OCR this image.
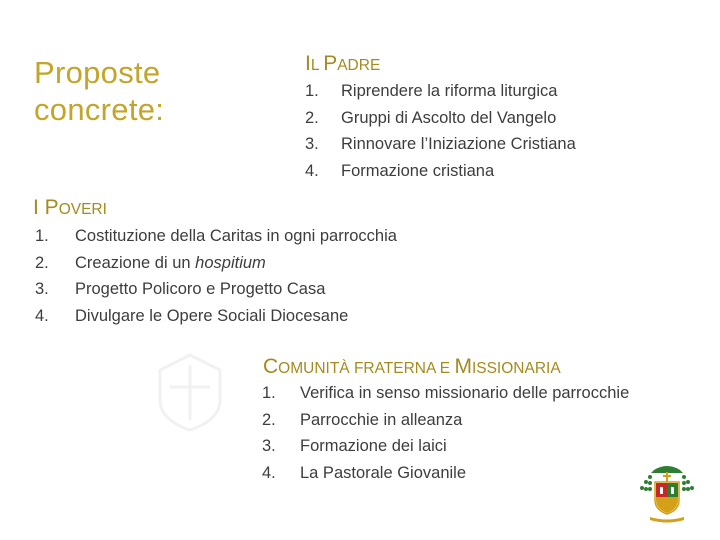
Proposte
concrete:
IL PADRE
1. Riprendere la riforma liturgica
2. Gruppi di Ascolto del Vangelo
3. Rinnovare l’Iniziazione Cristiana
4. Formazione cristiana
I POVERI
1. Costituzione della Caritas in ogni parrocchia
2. Creazione di un hospitium
3. Progetto Policoro e Progetto Casa
4. Divulgare le Opere Sociali Diocesane
COMUNITÀ FRATERNA E MISSIONARIA
1. Verifica in senso missionario delle parrocchie
2. Parrocchie in alleanza
3. Formazione dei laici
4. La Pastorale Giovanile
